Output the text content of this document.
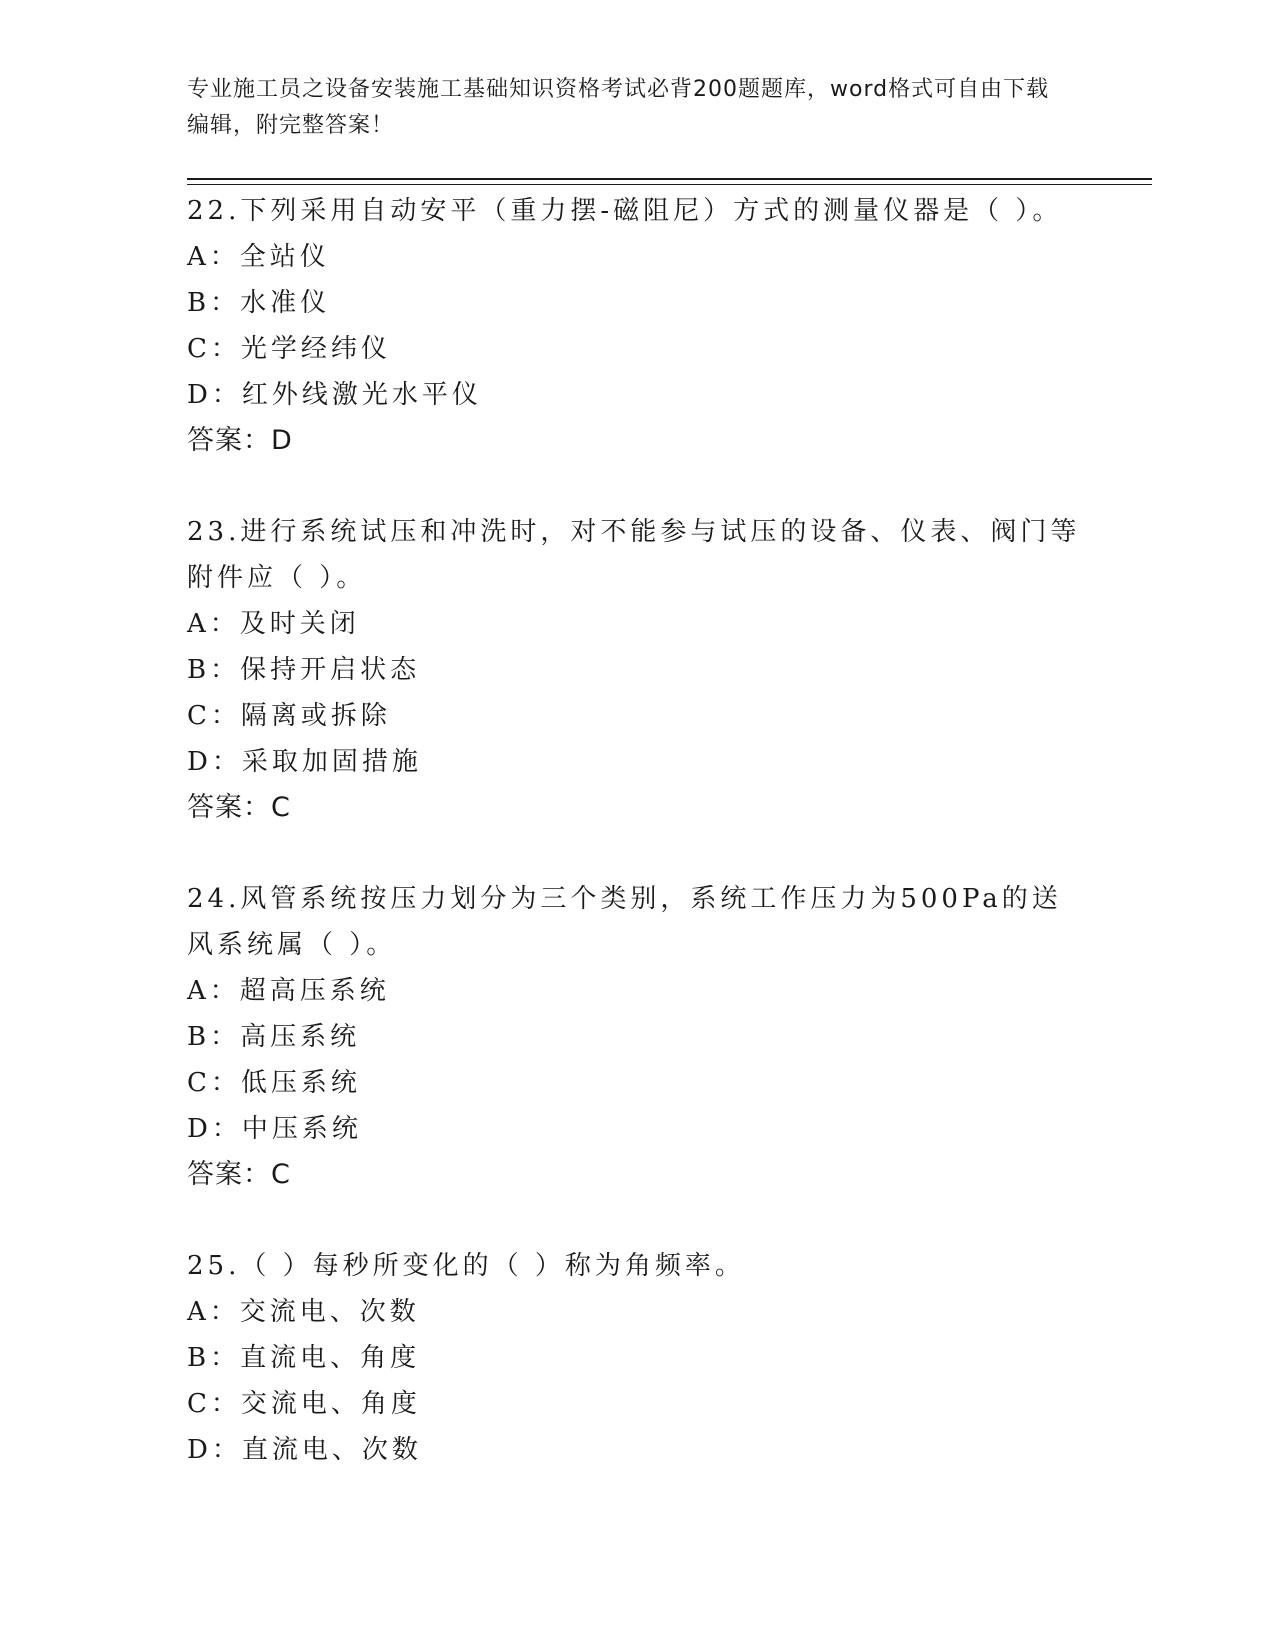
专业施工员之设备安装施工基础知识资格考试必背200题题库，word格式可自由下载编辑，附完整答案！

22.下列采用自动安平（重力摆-磁阻尼）方式的测量仪器是（ ）。

A：全站仪

B：水准仪

C：光学经纬仪

D：红外线激光水平仪

答案：D

23.进行系统试压和冲洗时，对不能参与试压的设备、仪表、阀门等附件应（ ）。

A：及时关闭

B：保持开启状态

C：隔离或拆除

D：采取加固措施

答案：C

24.风管系统按压力划分为三个类别，系统工作压力为500Pa的送风系统属（ ）。

A：超高压系统

B：高压系统

C：低压系统

D：中压系统

答案：C

25.（ ）每秒所变化的（ ）称为角频率。

A：交流电、次数

B：直流电、角度

C：交流电、角度

D：直流电、次数
